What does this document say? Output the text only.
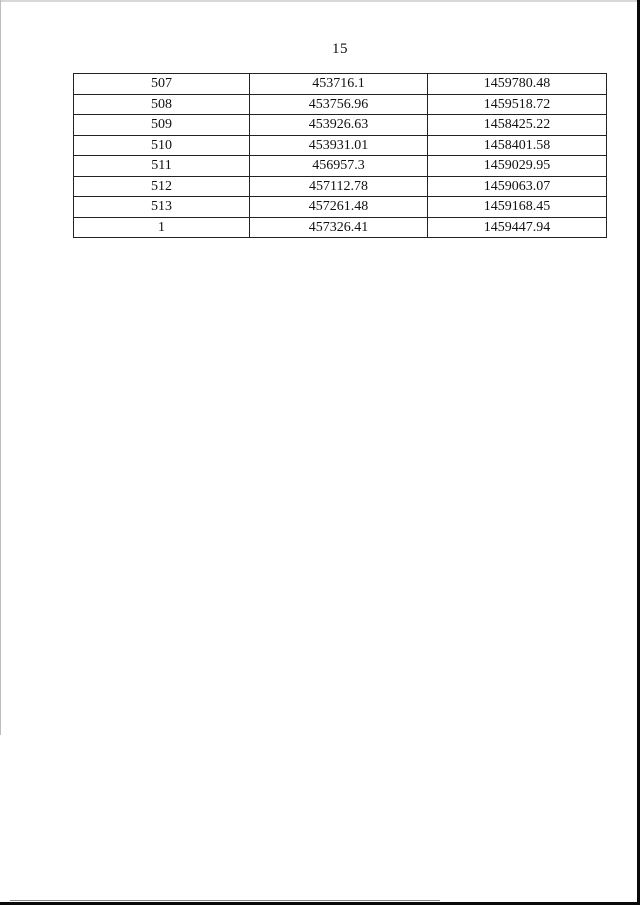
15
507	453716.1	1459780.48
508	453756.96	1459518.72
509	453926.63	1458425.22
510	453931.01	1458401.58
511	456957.3	1459029.95
512	457112.78	1459063.07
513	457261.48	1459168.45
1	457326.41	1459447.94
